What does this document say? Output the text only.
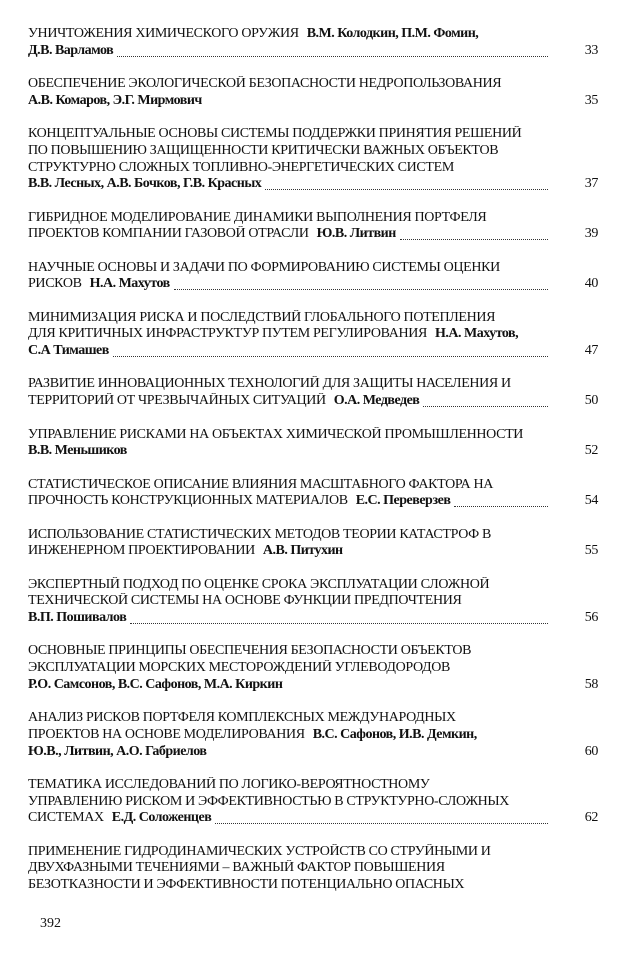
УНИЧТОЖЕНИЯ ХИМИЧЕСКОГО ОРУЖИЯ В.М. Колодкин, П.М. Фомин,
Д.В. Варламов	33
ОБЕСПЕЧЕНИЕ ЭКОЛОГИЧЕСКОЙ БЕЗОПАСНОСТИ НЕДРОПОЛЬЗОВАНИЯ
А.В. Комаров, Э.Г. Мирмович	35
КОНЦЕПТУАЛЬНЫЕ ОСНОВЫ СИСТЕМЫ ПОДДЕРЖКИ ПРИНЯТИЯ РЕШЕНИЙ
ПО ПОВЫШЕНИЮ ЗАЩИЩЕННОСТИ КРИТИЧЕСКИ ВАЖНЫХ ОБЪЕКТОВ
СТРУКТУРНО СЛОЖНЫХ ТОПЛИВНО-ЭНЕРГЕТИЧЕСКИХ СИСТЕМ
В.В. Лесных, А.В. Бочков, Г.В. Красных	37
ГИБРИДНОЕ МОДЕЛИРОВАНИЕ ДИНАМИКИ ВЫПОЛНЕНИЯ ПОРТФЕЛЯ
ПРОЕКТОВ КОМПАНИИ ГАЗОВОЙ ОТРАСЛИ Ю.В. Литвин	39
НАУЧНЫЕ ОСНОВЫ И ЗАДАЧИ ПО ФОРМИРОВАНИЮ СИСТЕМЫ ОЦЕНКИ
РИСКОВ Н.А. Махутов	40
МИНИМИЗАЦИЯ РИСКА И ПОСЛЕДСТВИЙ ГЛОБАЛЬНОГО ПОТЕПЛЕНИЯ
ДЛЯ КРИТИЧНЫХ ИНФРАСТРУКТУР ПУТЕМ РЕГУЛИРОВАНИЯ Н.А. Махутов,
С.А Тимашев	47
РАЗВИТИЕ ИННОВАЦИОННЫХ ТЕХНОЛОГИЙ ДЛЯ ЗАЩИТЫ НАСЕЛЕНИЯ И
ТЕРРИТОРИЙ ОТ ЧРЕЗВЫЧАЙНЫХ СИТУАЦИЙ О.А. Медведев	50
УПРАВЛЕНИЕ РИСКАМИ НА ОБЪЕКТАХ ХИМИЧЕСКОЙ ПРОМЫШЛЕННОСТИ
В.В. Меньшиков	52
СТАТИСТИЧЕСКОЕ ОПИСАНИЕ ВЛИЯНИЯ МАСШТАБНОГО ФАКТОРА НА
ПРОЧНОСТЬ КОНСТРУКЦИОННЫХ МАТЕРИАЛОВ Е.С. Переверзев	54
ИСПОЛЬЗОВАНИЕ СТАТИСТИЧЕСКИХ МЕТОДОВ ТЕОРИИ КАТАСТРОФ В
ИНЖЕНЕРНОМ ПРОЕКТИРОВАНИИ А.В. Питухин	55
ЭКСПЕРТНЫЙ ПОДХОД ПО ОЦЕНКЕ СРОКА ЭКСПЛУАТАЦИИ СЛОЖНОЙ
ТЕХНИЧЕСКОЙ СИСТЕМЫ НА ОСНОВЕ ФУНКЦИИ ПРЕДПОЧТЕНИЯ
В.П. Пошивалов	56
ОСНОВНЫЕ ПРИНЦИПЫ ОБЕСПЕЧЕНИЯ БЕЗОПАСНОСТИ ОБЪЕКТОВ
ЭКСПЛУАТАЦИИ МОРСКИХ МЕСТОРОЖДЕНИЙ УГЛЕВОДОРОДОВ
Р.О. Самсонов, В.С. Сафонов, М.А. Киркин	58
АНАЛИЗ РИСКОВ ПОРТФЕЛЯ КОМПЛЕКСНЫХ МЕЖДУНАРОДНЫХ
ПРОЕКТОВ НА ОСНОВЕ МОДЕЛИРОВАНИЯ В.С. Сафонов, И.В. Демкин,
Ю.В., Литвин, А.О. Габриелов	60
ТЕМАТИКА ИССЛЕДОВАНИЙ ПО ЛОГИКО-ВЕРОЯТНОСТНОМУ
УПРАВЛЕНИЮ РИСКОМ И ЭФФЕКТИВНОСТЬЮ В СТРУКТУРНО-СЛОЖНЫХ
СИСТЕМАХ Е.Д. Соложенцев	62
ПРИМЕНЕНИЕ ГИДРОДИНАМИЧЕСКИХ УСТРОЙСТВ СО СТРУЙНЫМИ И
ДВУХФАЗНЫМИ ТЕЧЕНИЯМИ – ВАЖНЫЙ ФАКТОР ПОВЫШЕНИЯ
БЕЗОТКАЗНОСТИ И ЭФФЕКТИВНОСТИ ПОТЕНЦИАЛЬНО ОПАСНЫХ
392
